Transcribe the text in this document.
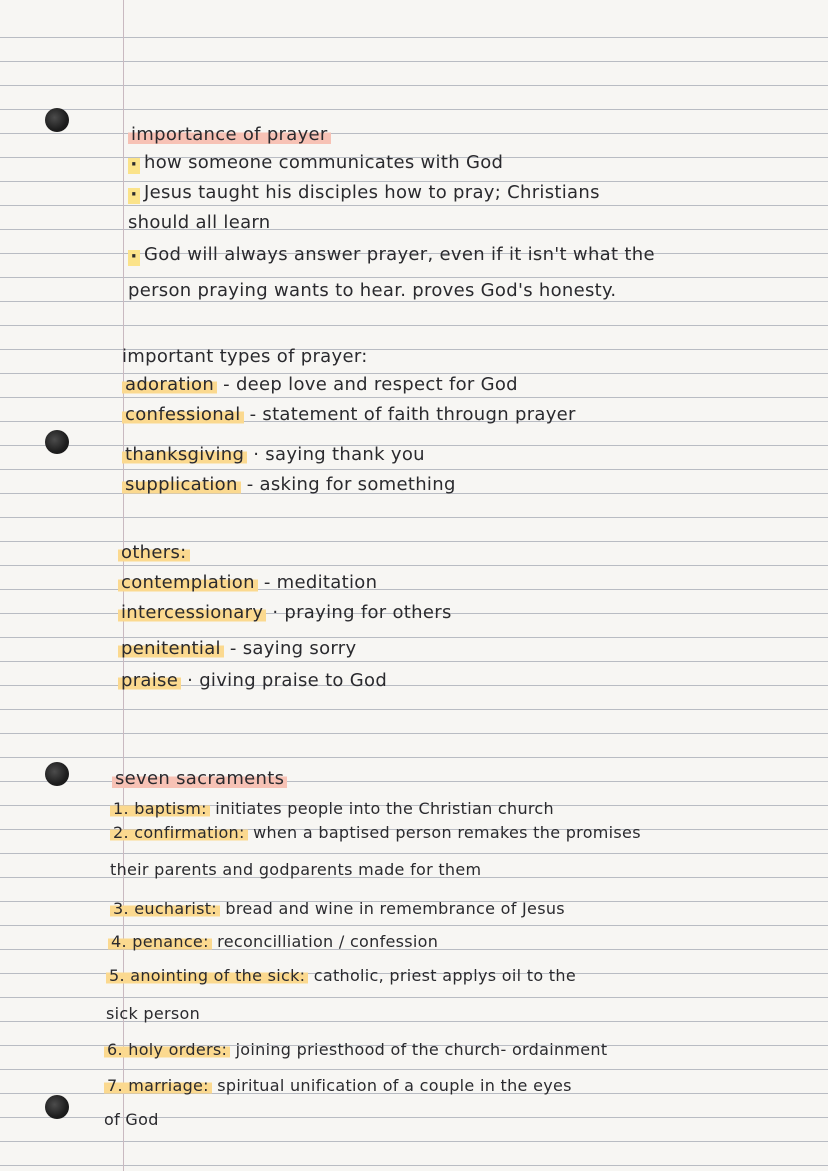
importance of prayer
·how someone communicates with God
·Jesus taught his disciples how to pray; Christians
should all learn
·God will always answer prayer, even if it isn't what the
person praying wants to hear. proves God's honesty.
important types of prayer:
adoration - deep love and respect for God
confessional - statement of faith througn prayer
thanksgiving · saying thank you
supplication - asking for something
others:
contemplation - meditation
intercessionary · praying for others
penitential - saying sorry
praise · giving praise to God
seven sacraments
1. baptism: initiates people into the Christian church
2. confirmation: when a baptised person remakes the promises
their parents and godparents made for them
3. eucharist: bread and wine in remembrance of Jesus
4. penance: reconcilliation / confession
5. anointing of the sick: catholic, priest applys oil to the
sick person
6. holy orders: joining priesthood of the church- ordainment
7. marriage: spiritual unification of a couple in the eyes
of God
